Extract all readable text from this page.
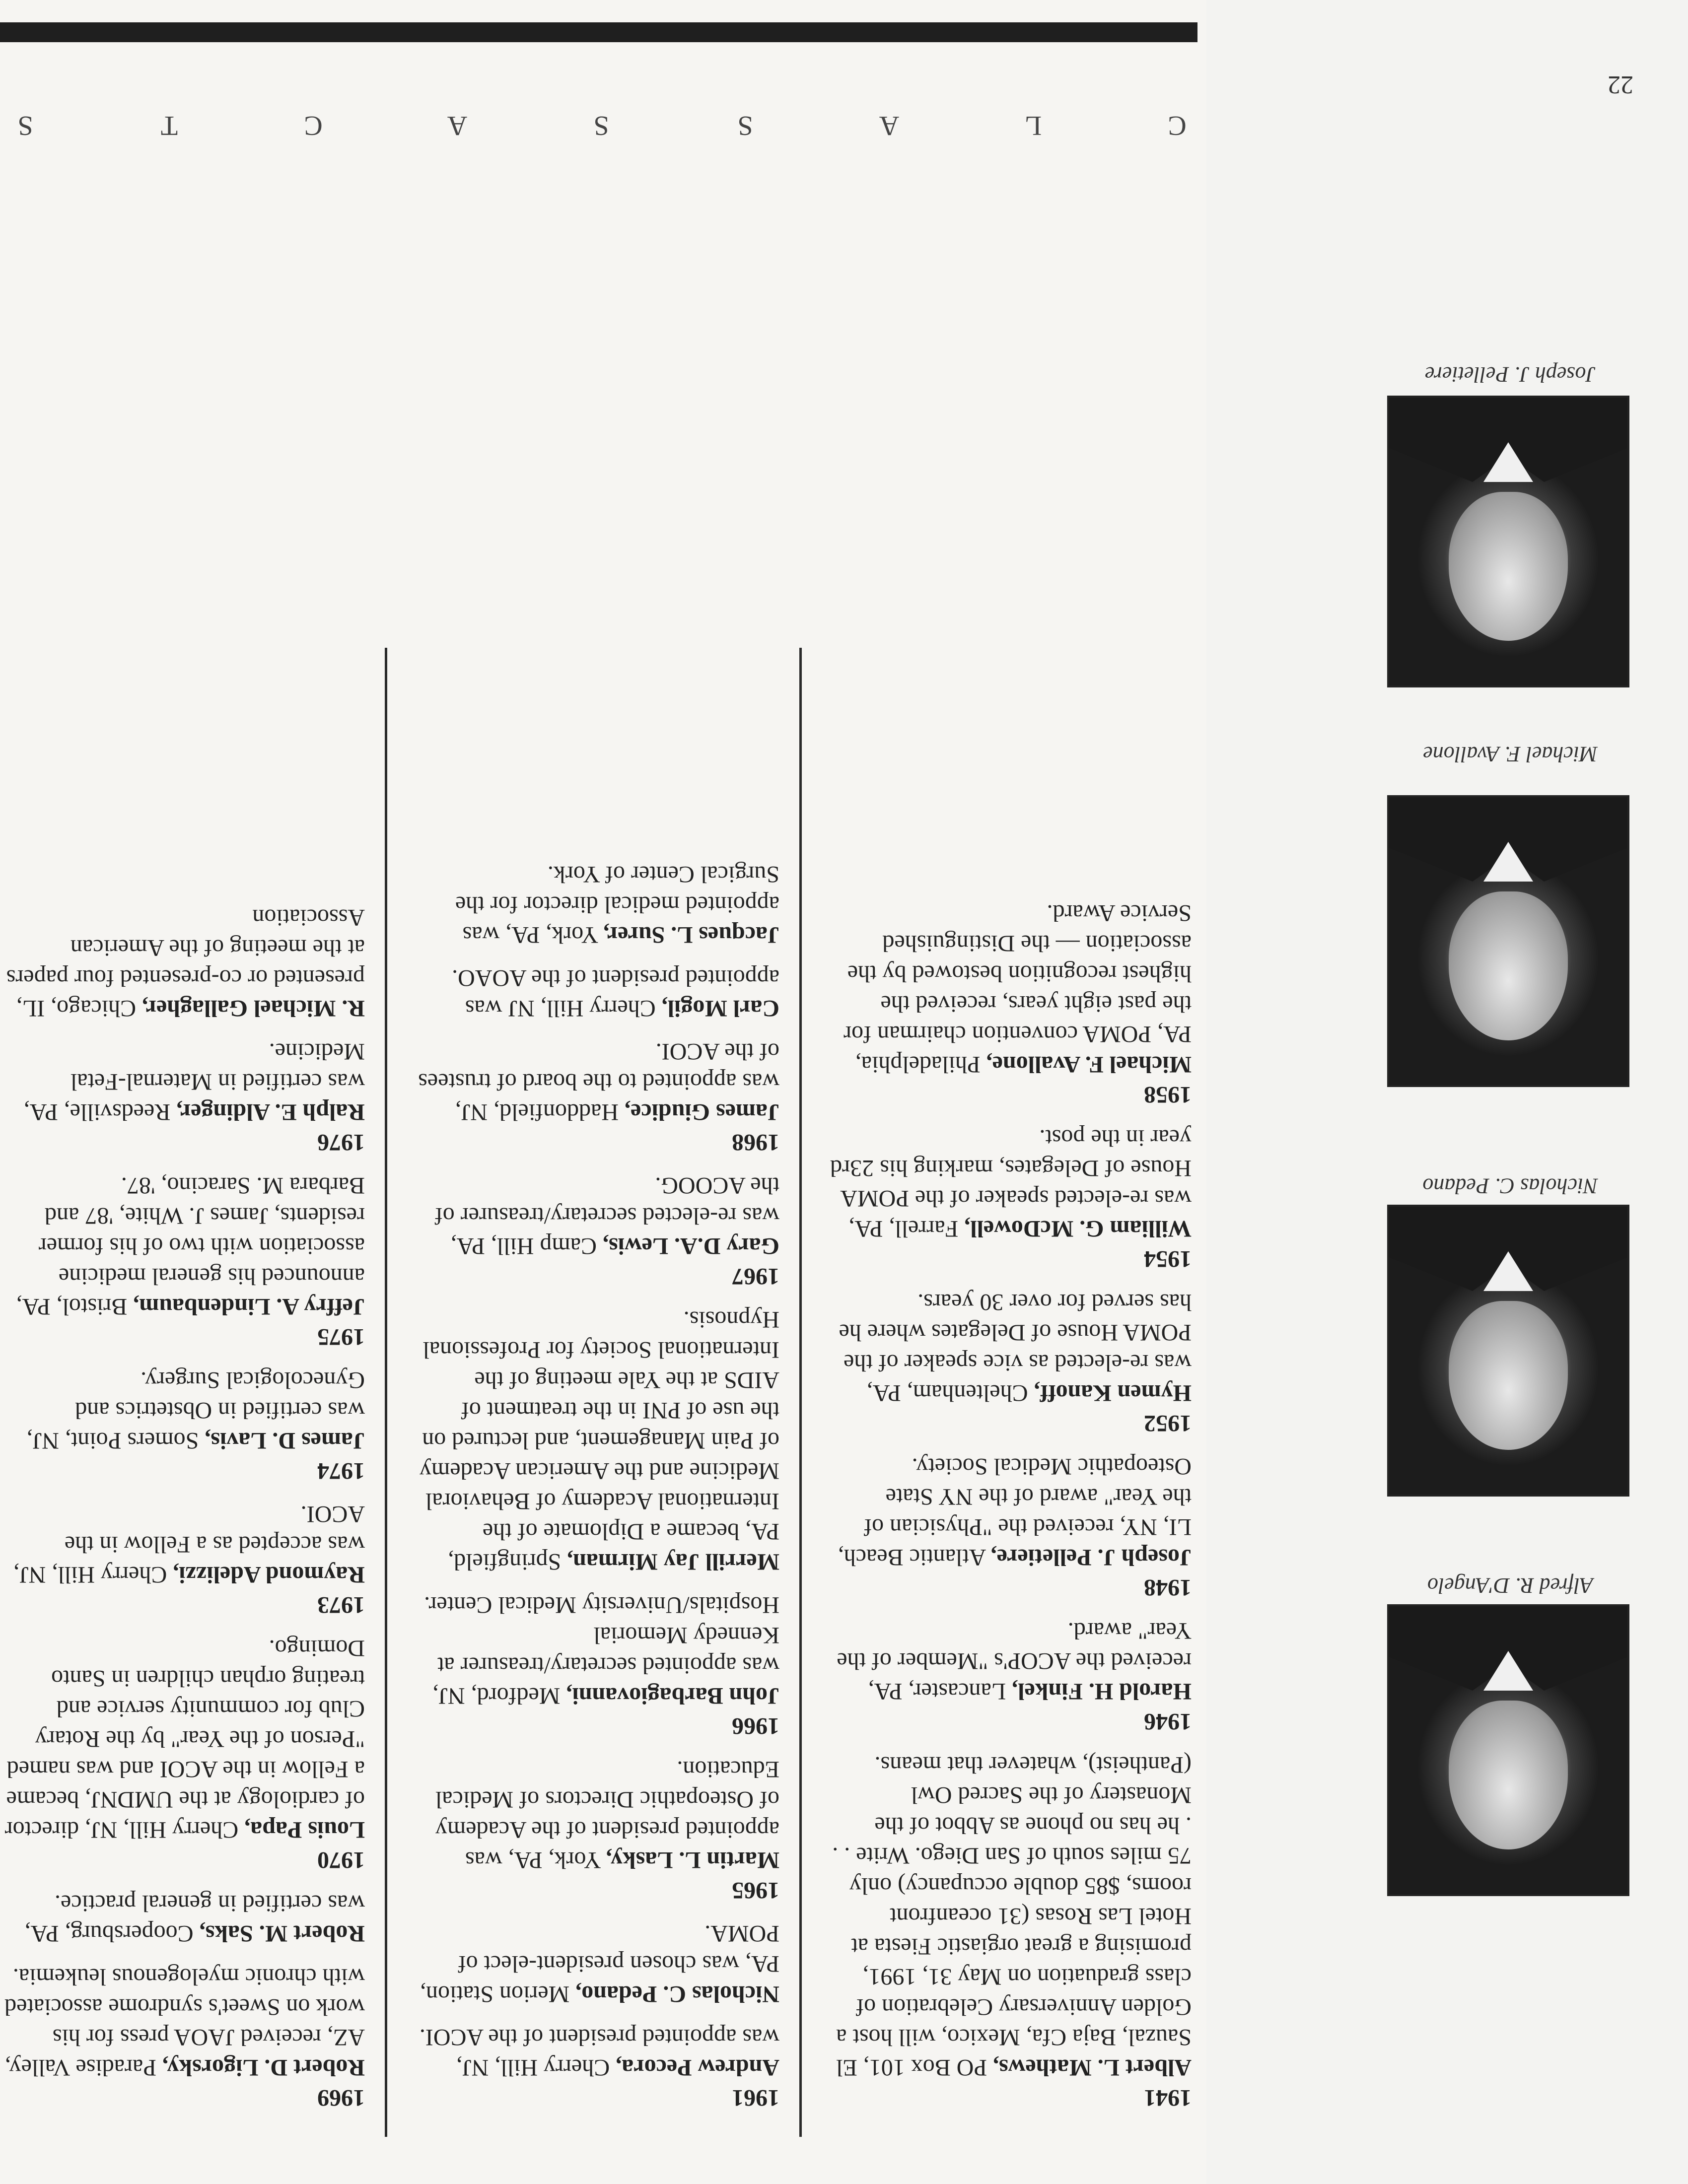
C
L
A
S
S
A
C
T
S
22
Alfred R. D'Angelo
Nicholas C. Pedano
Michael F. Avallone
Joseph J. Pelletiere
1941
Albert L. Mathews, PO Box 101, El Sauzal, Baja Cfa, Mexico, will host a Golden Anniversary Celebration of class graduation on May 31, 1991, promising a great orgiastic Fiesta at Hotel Las Rosas (31 oceanfront rooms, $85 double occupancy) only 75 miles south of San Diego. Write . . . he has no phone as Abbot of the Monastery of the Sacred Owl (Pantheist), whatever that means.
1946
Harold H. Finkel, Lancaster, PA, received the ACOP's "Member of the Year" award.
1948
Joseph J. Pelletiere, Atlantic Beach, LI, NY, received the "Physician of the Year" award of the NY State Osteopathic Medical Society.
1952
Hymen Kanoff, Cheltenham, PA, was re-elected as vice speaker of the POMA House of Delegates where he has served for over 30 years.
1954
William G. McDowell, Farrell, PA, was re-elected speaker of the POMA House of Delegates, marking his 23rd year in the post.
1958
Michael F. Avallone, Philadelphia, PA, POMA convention chairman for the past eight years, received the highest recognition bestowed by the association — the Distinguished Service Award.
1961
Andrew Pecora, Cherry Hill, NJ, was appointed president of the ACOI.
Nicholas C. Pedano, Merion Station, PA, was chosen president-elect of POMA.
1965
Martin L. Lasky, York, PA, was appointed president of the Academy of Osteopathic Directors of Medical Education.
1966
John Barbagiovanni, Medford, NJ, was appointed secretary/treasurer at Kennedy Memorial Hospitals/University Medical Center.
Merrill Jay Mirman, Springfield, PA, became a Diplomate of the International Academy of Behavioral Medicine and the American Academy of Pain Management, and lectured on the use of PNI in the treatment of AIDS at the Yale meeting of the International Society for Professional Hypnosis.
1967
Gary D.A. Lewis, Camp Hill, PA, was re-elected secretary/treasurer of the ACOOG.
1968
James Giudice, Haddonfield, NJ, was appointed to the board of trustees of the ACOI.
Carl Mogil, Cherry Hill, NJ was appointed president of the AOAO.
Jacques L. Surer, York, PA, was appointed medical director for the Surgical Center of York.
1969
Robert D. Ligorsky, Paradise Valley, AZ, received JAOA press for his work on Sweet's syndrome associated with chronic myelogenous leukemia.
Robert M. Saks, Coopersburg, PA, was certified in general practice.
1970
Louis Papa, Cherry Hill, NJ, director of cardiology at the UMDNJ, became a Fellow in the ACOI and was named "Person of the Year" by the Rotary Club for community service and treating orphan children in Santo Domingo.
1973
Raymond Adelizzi, Cherry Hill, NJ, was accepted as a Fellow in the ACOI.
1974
James D. Lavis, Somers Point, NJ, was certified in Obstetrics and Gynecological Surgery.
1975
Jeffry A. Lindenbaum, Bristol, PA, announced his general medicine association with two of his former residents, James J. White, '87 and Barbara M. Saracino, '87.
1976
Ralph E. Aldinger, Reedsville, PA, was certified in Maternal-Fetal Medicine.
R. Michael Gallagher, Chicago, IL, presented or co-presented four papers at the meeting of the American Association
